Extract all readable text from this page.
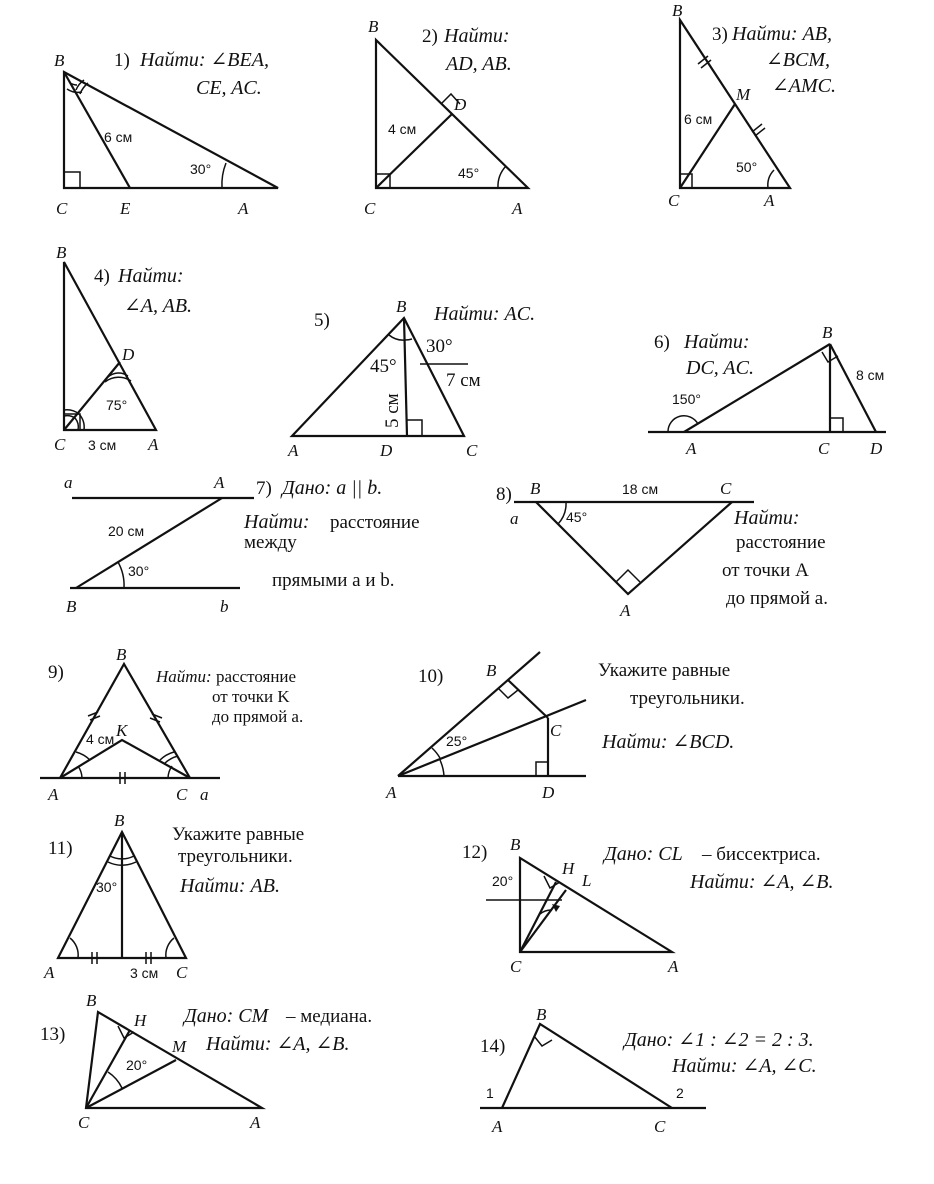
1) Найти: ∠BEA,
CE, AC.
B
C	E	A
6 см
30°
2) Найти:
AD, AB.
B
D
C	A
4 см
45°
3) Найти: AB,
∠BCM,
∠AMC.
B
M
C	A
6 см
50°
4) Найти:
∠A, AB.
B
D
C	A
75°
3 см
5)	Найти: AC.
B
A	D	C
45°
30°
7 см
5 см
6) Найти:
DC, AC.
B
A	C D
150°
8 см
a	A
B	b
20 см
30°
7) Дано: a || b.
Найти: расстояние
между
прямыми a и b.
8) B	C
a
A
18 см
45°	Найти:
расстояние
от точки A
до прямой a.
9)
B
K
A	C a
4 см
Найти: расстояние
от точки K
до прямой a.
10)	B
C
A	D
25°
Укажите равные
треугольники.
Найти: ∠BCD.
11)
B
A	C
30°
3 см
Укажите равные
треугольники.
Найти: AB.
12) B
H
L
C	A
20°
Дано: CL – биссектриса.
Найти: ∠A, ∠B.
13)
B
H
M
C	A
20°
Дано: CM – медиана.
Найти: ∠A, ∠B.	14)
B
A	C
1	2
Дано: ∠1 : ∠2 = 2 : 3.
Найти: ∠A, ∠C.
